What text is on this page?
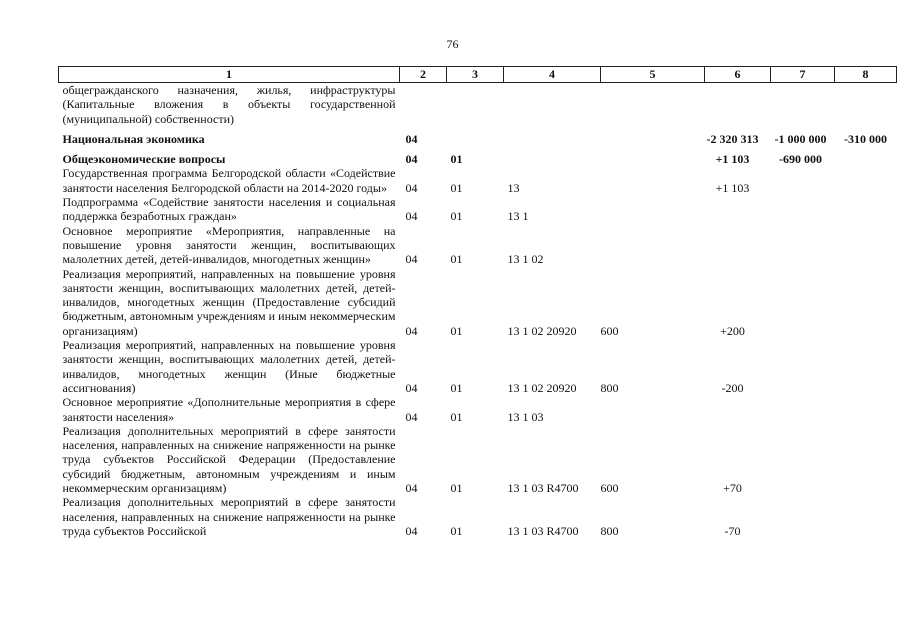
76
1	2	3	4	5	6	7	8
общегражданского назначения, жилья, инфраструктуры (Капитальные вложения в объекты государственной (муниципальной) собственности)							
Национальная экономика	04				-2 320 313	-1 000 000	-310 000
Общеэкономические вопросы	04	01			+1 103	-690 000	
Государственная программа Белгородской области «Содействие занятости населения Белгородской области на 2014-2020 годы»	04	01	13		+1 103		
Подпрограмма «Содействие занятости населения и социальная поддержка безработных граждан»	04	01	13 1				
Основное мероприятие «Мероприятия, направленные на повышение уровня занятости женщин, воспитывающих малолетних детей, детей-инвалидов, многодетных женщин»	04	01	13 1 02				
Реализация мероприятий, направленных на повышение уровня занятости женщин, воспитывающих малолетних детей, детей-инвалидов, многодетных женщин (Предоставление субсидий бюджетным, автономным учреждениям и иным некоммерческим организациям)	04	01	13 1 02 20920	600	+200		
Реализация мероприятий, направленных на повышение уровня занятости женщин, воспитывающих малолетних детей, детей-инвалидов, многодетных женщин (Иные бюджетные ассигнования)	04	01	13 1 02 20920	800	-200		
Основное мероприятие «Дополнительные мероприятия в сфере занятости населения»	04	01	13 1 03				
Реализация дополнительных мероприятий в сфере занятости населения, направленных на снижение напряженности на рынке труда субъектов Российской Федерации (Предоставление субсидий бюджетным, автономным учреждениям и иным некоммерческим организациям)	04	01	13 1 03 R4700	600	+70		
Реализация дополнительных мероприятий в сфере занятости населения, направленных на снижение напряженности на рынке труда субъектов Российской	04	01	13 1 03 R4700	800	-70		
